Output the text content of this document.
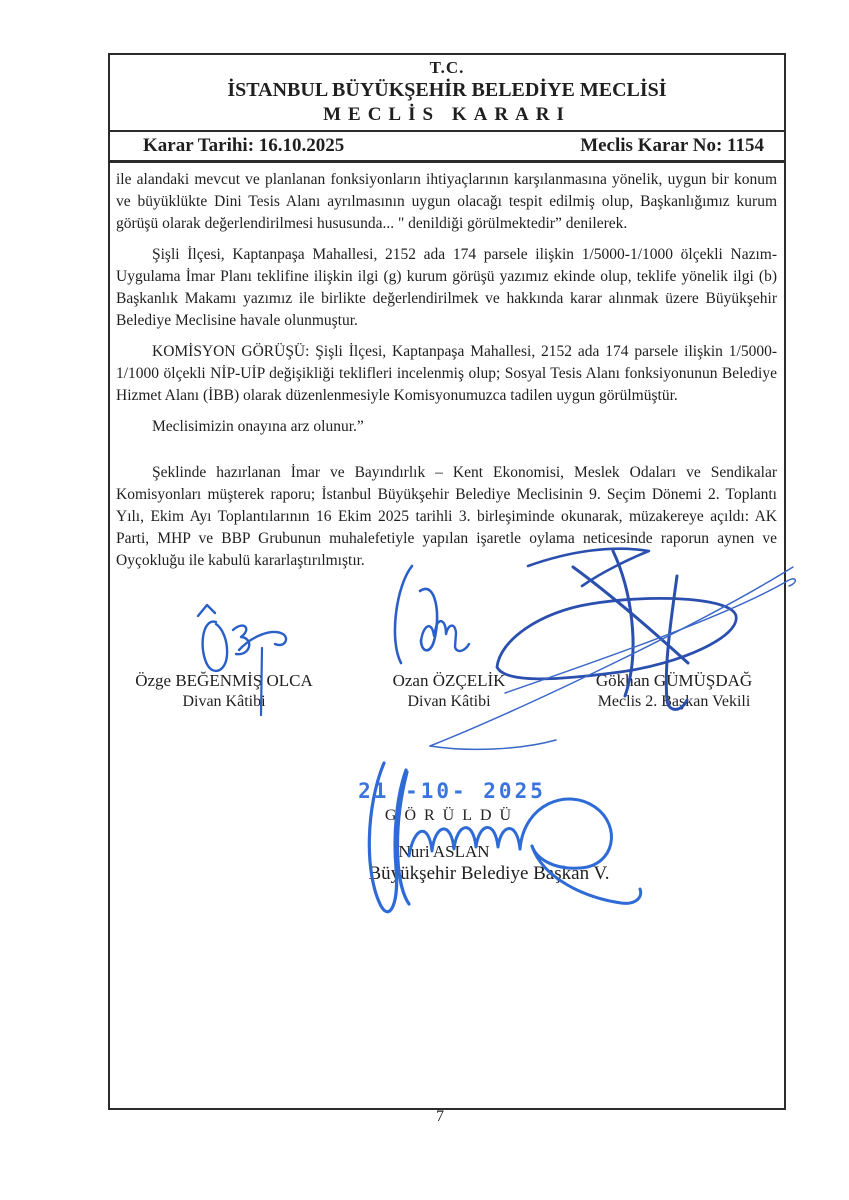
T.C.
İSTANBUL BÜYÜKŞEHİR BELEDİYE MECLİSİ
MECLİS KARARI
Karar Tarihi: 16.10.2025	Meclis Karar No: 1154

ile alandaki mevcut ve planlanan fonksiyonların ihtiyaçlarının karşılanmasına yönelik, uygun bir konum ve büyüklükte Dini Tesis Alanı ayrılmasının uygun olacağı tespit edilmiş olup, Başkanlığımız kurum görüşü olarak değerlendirilmesi hususunda... " denildiği görülmektedir” denilerek.

Şişli İlçesi, Kaptanpaşa Mahallesi, 2152 ada 174 parsele ilişkin 1/5000-1/1000 ölçekli Nazım-Uygulama İmar Planı teklifine ilişkin ilgi (g) kurum görüşü yazımız ekinde olup, teklife yönelik ilgi (b) Başkanlık Makamı yazımız ile birlikte değerlendirilmek ve hakkında karar alınmak üzere Büyükşehir Belediye Meclisine havale olunmuştur.

KOMİSYON GÖRÜŞÜ: Şişli İlçesi, Kaptanpaşa Mahallesi, 2152 ada 174 parsele ilişkin 1/5000-1/1000 ölçekli NİP-UİP değişikliği teklifleri incelenmiş olup; Sosyal Tesis Alanı fonksiyonunun Belediye Hizmet Alanı (İBB) olarak düzenlenmesiyle Komisyonumuzca tadilen uygun görülmüştür.

Meclisimizin onayına arz olunur.”

Şeklinde hazırlanan İmar ve Bayındırlık – Kent Ekonomisi, Meslek Odaları ve Sendikalar Komisyonları müşterek raporu; İstanbul Büyükşehir Belediye Meclisinin 9. Seçim Dönemi 2. Toplantı Yılı, Ekim Ayı Toplantılarının 16 Ekim 2025 tarihli 3. birleşiminde okunarak, müzakereye açıldı: AK Parti, MHP ve BBP Grubunun muhalefetiyle yapılan işaretle oylama neticesinde raporun aynen ve Oyçokluğu ile kabulü kararlaştırılmıştır.

Özge BEĞENMİŞ OLCA
Divan Kâtibi
Ozan ÖZÇELİK
Divan Kâtibi
Gökhan GÜMÜŞDAĞ
Meclis 2. Başkan Vekili
21 -10- 2025
GÖRÜLDÜ
Nuri ASLAN
Büyükşehir Belediye Başkan V.
7
